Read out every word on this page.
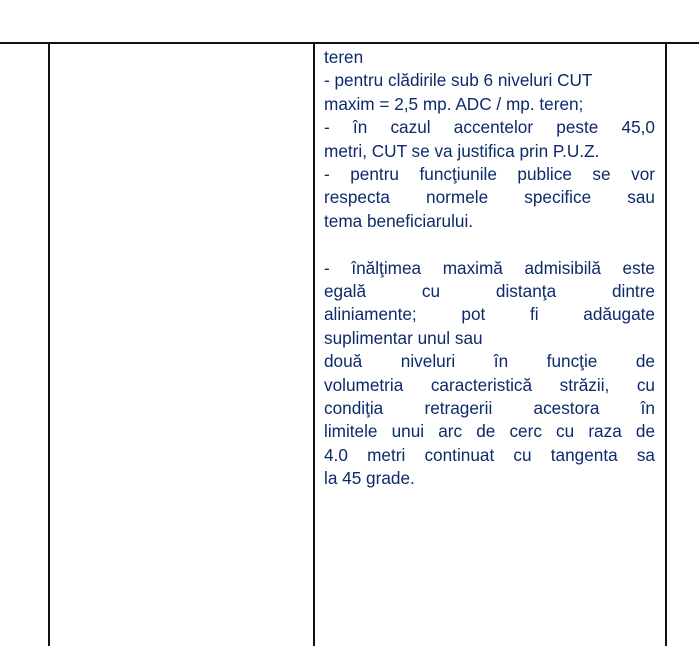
teren
- pentru clădirile sub 6 niveluri CUT
maxim = 2,5 mp. ADC / mp. teren;
- în cazul accentelor peste 45,0
metri, CUT se va justifica prin P.U.Z.
- pentru funcţiunile publice se vor
respecta normele specifice sau
tema beneficiarului.
- înălţimea maximă admisibilă este
egală cu distanţa dintre
aliniamente; pot fi adăugate
suplimentar unul sau
două niveluri în funcţie de
volumetria caracteristică străzii, cu
condiţia retragerii acestora în
limitele unui arc de cerc cu raza de
4.0 metri continuat cu tangenta sa
la 45 grade.
